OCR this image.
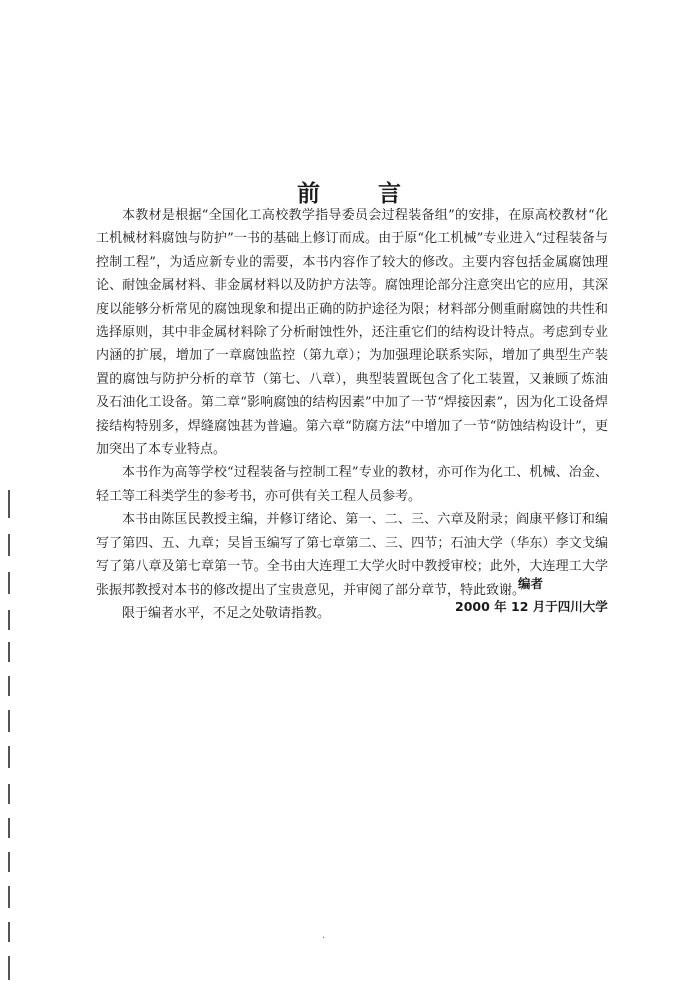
前 言

本教材是根据“全国化工高校教学指导委员会过程装备组”的安排，在原高校教材“化工机械材料腐蚀与防护”一书的基础上修订而成。由于原“化工机械”专业进入“过程装备与控制工程”，为适应新专业的需要，本书内容作了较大的修改。主要内容包括金属腐蚀理论、耐蚀金属材料、非金属材料以及防护方法等。腐蚀理论部分注意突出它的应用，其深度以能够分析常见的腐蚀现象和提出正确的防护途径为限；材料部分侧重耐腐蚀的共性和选择原则，其中非金属材料除了分析耐蚀性外，还注重它们的结构设计特点。考虑到专业内涵的扩展，增加了一章腐蚀监控（第九章）；为加强理论联系实际，增加了典型生产装置的腐蚀与防护分析的章节（第七、八章），典型装置既包含了化工装置，又兼顾了炼油及石油化工设备。第二章“影响腐蚀的结构因素”中加了一节“焊接因素”，因为化工设备焊接结构特别多，焊缝腐蚀甚为普遍。第六章“防腐方法”中增加了一节“防蚀结构设计”，更加突出了本专业特点。

本书作为高等学校“过程装备与控制工程”专业的教材，亦可作为化工、机械、冶金、轻工等工科类学生的参考书，亦可供有关工程人员参考。

本书由陈匡民教授主编，并修订绪论、第一、二、三、六章及附录；阎康平修订和编写了第四、五、九章；吴旨玉编写了第七章第二、三、四节；石油大学（华东）李文戈编写了第八章及第七章第一节。全书由大连理工大学火时中教授审校；此外，大连理工大学张振邦教授对本书的修改提出了宝贵意见，并审阅了部分章节，特此致谢。

限于编者水平，不足之处敬请指教。

编者
2000 年 12 月于四川大学
.
